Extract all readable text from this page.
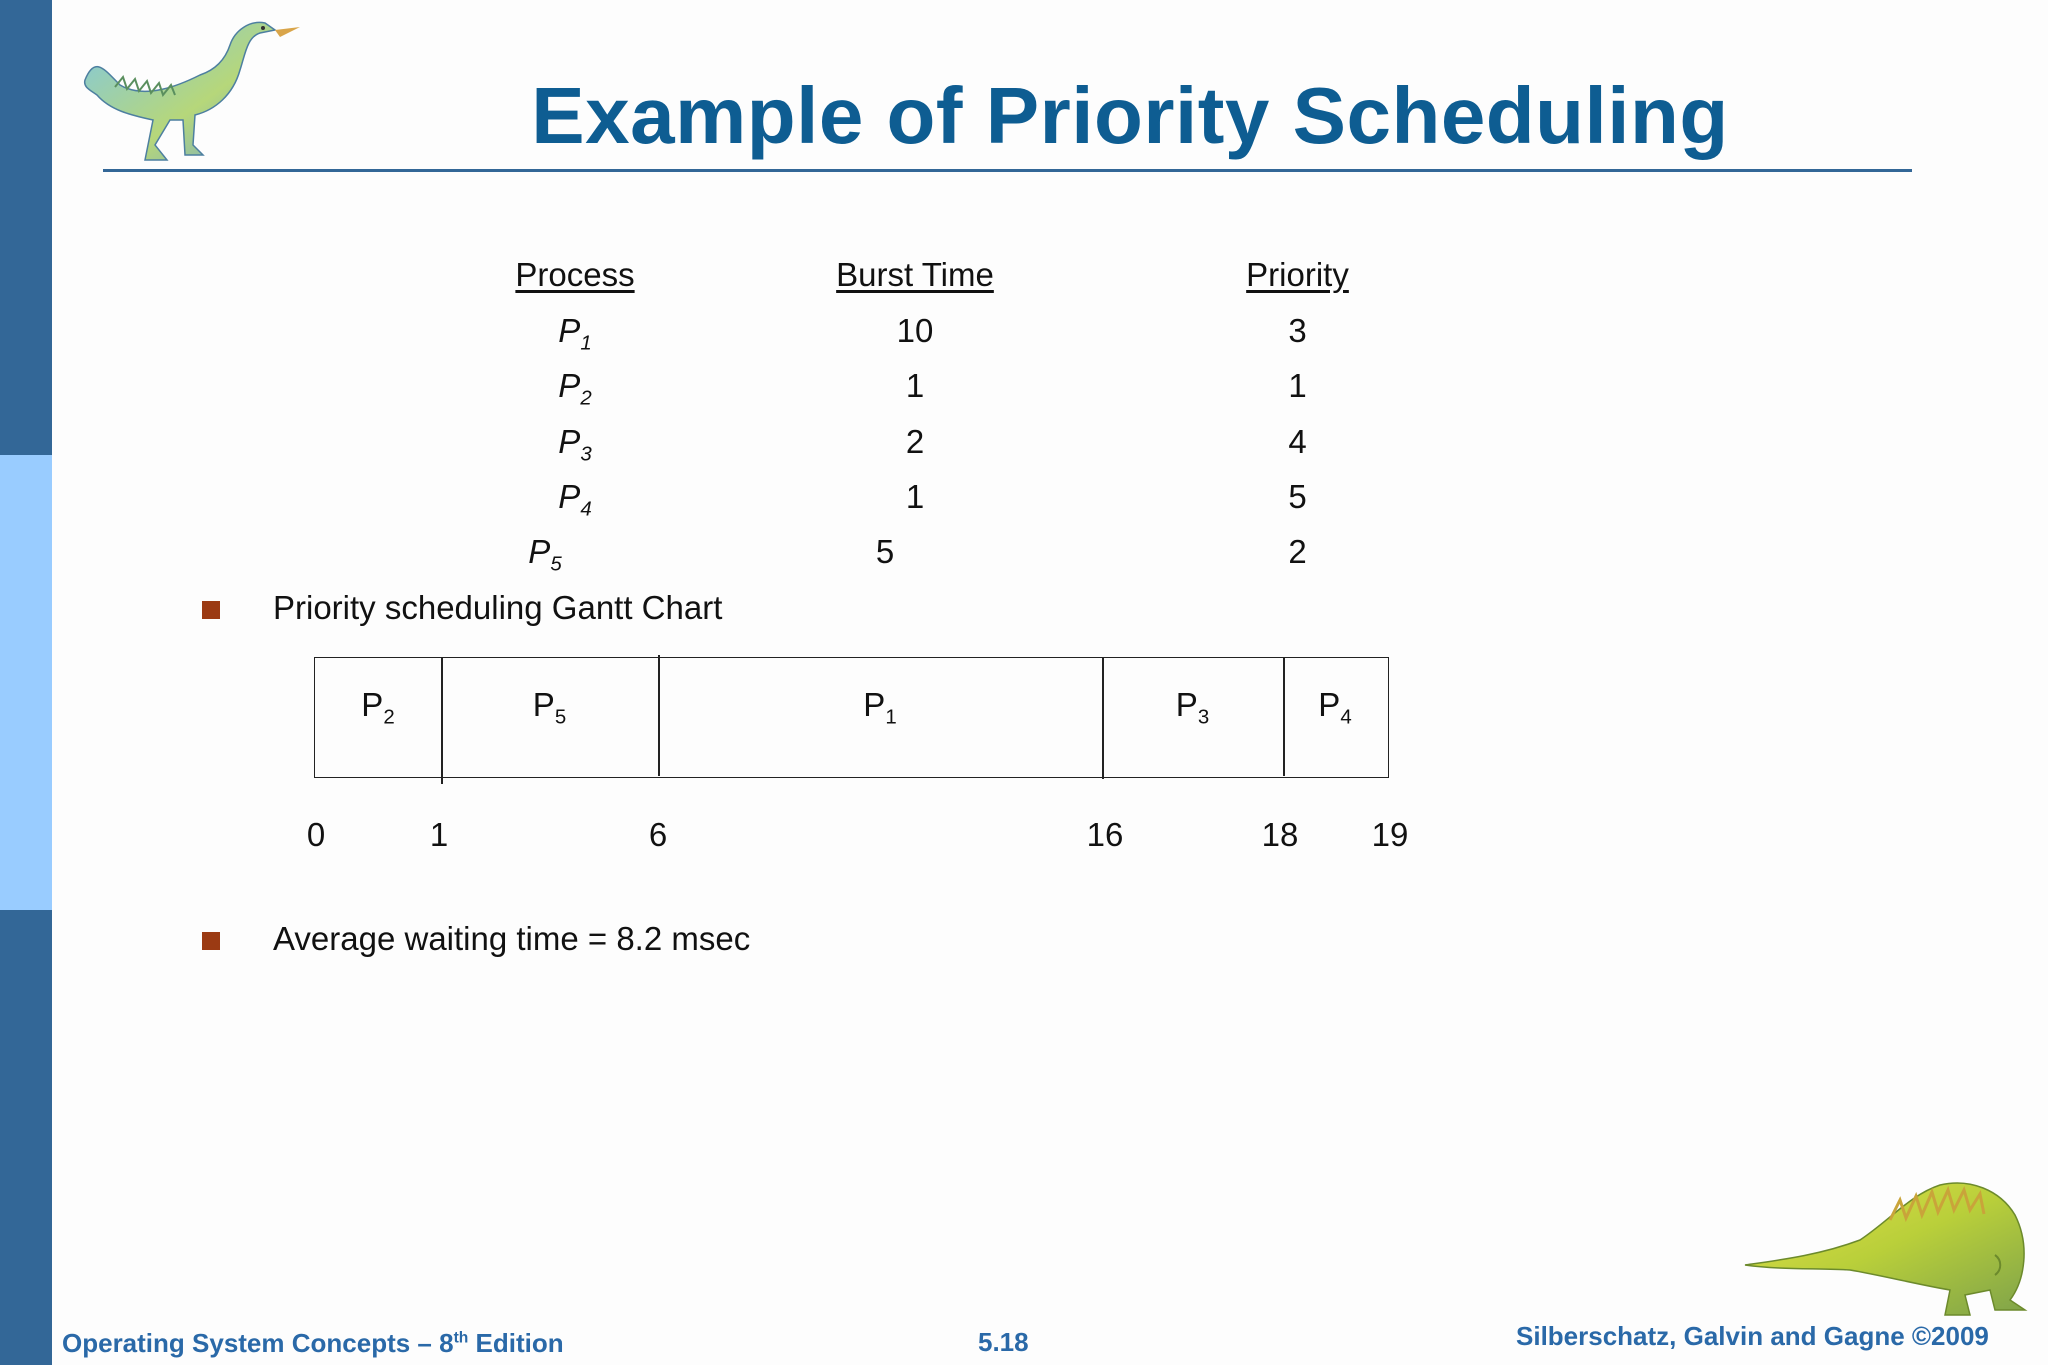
Example of Priority Scheduling
Process	Burst Time	Priority
$P_1$	10	3
$P_2$	1	1
$P_3$	2	4
$P_4$	1	5
$P_5$	5	2
Priority scheduling Gantt Chart
$P_2$	$P_5$	$P_1$	$P_3$	$P_4$
0	1	6	16	18	19
Average waiting time = 8.2 msec
Operating System Concepts – 8th Edition	5.18	Silberschatz, Galvin and Gagne ©2009
